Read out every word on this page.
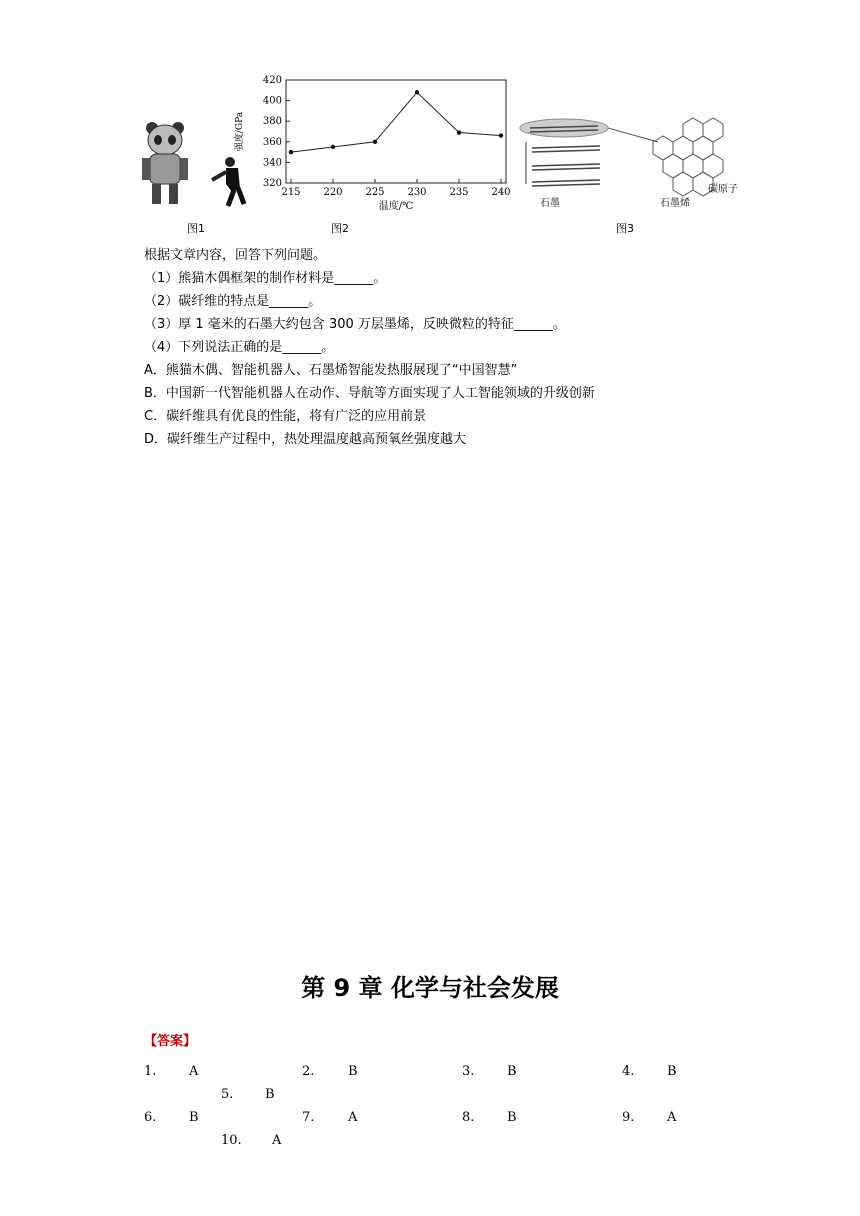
图1
320
340
360
380
400
420
215 220 225 230 235 240
温度/℃
强度/GPa
图2
石墨	石墨烯
碳原子
图3
根据文章内容，回答下列问题。
（1）熊猫木偶框架的制作材料是______。
（2）碳纤维的特点是______。
（3）厚 1 毫米的石墨大约包含 300 万层墨烯，反映微粒的特征______。
（4）下列说法正确的是______。
A．熊猫木偶、智能机器人、石墨烯智能发热服展现了“中国智慧”
B．中国新一代智能机器人在动作、导航等方面实现了人工智能领域的升级创新
C．碳纤维具有优良的性能，将有广泛的应用前景
D．碳纤维生产过程中，热处理温度越高预氧丝强度越大
第 9 章 化学与社会发展
【答案】
1.	A	2.	B	3.	B	4.	B
5. B
6.	B	7.	A	8.	B	9.	A
10. A
